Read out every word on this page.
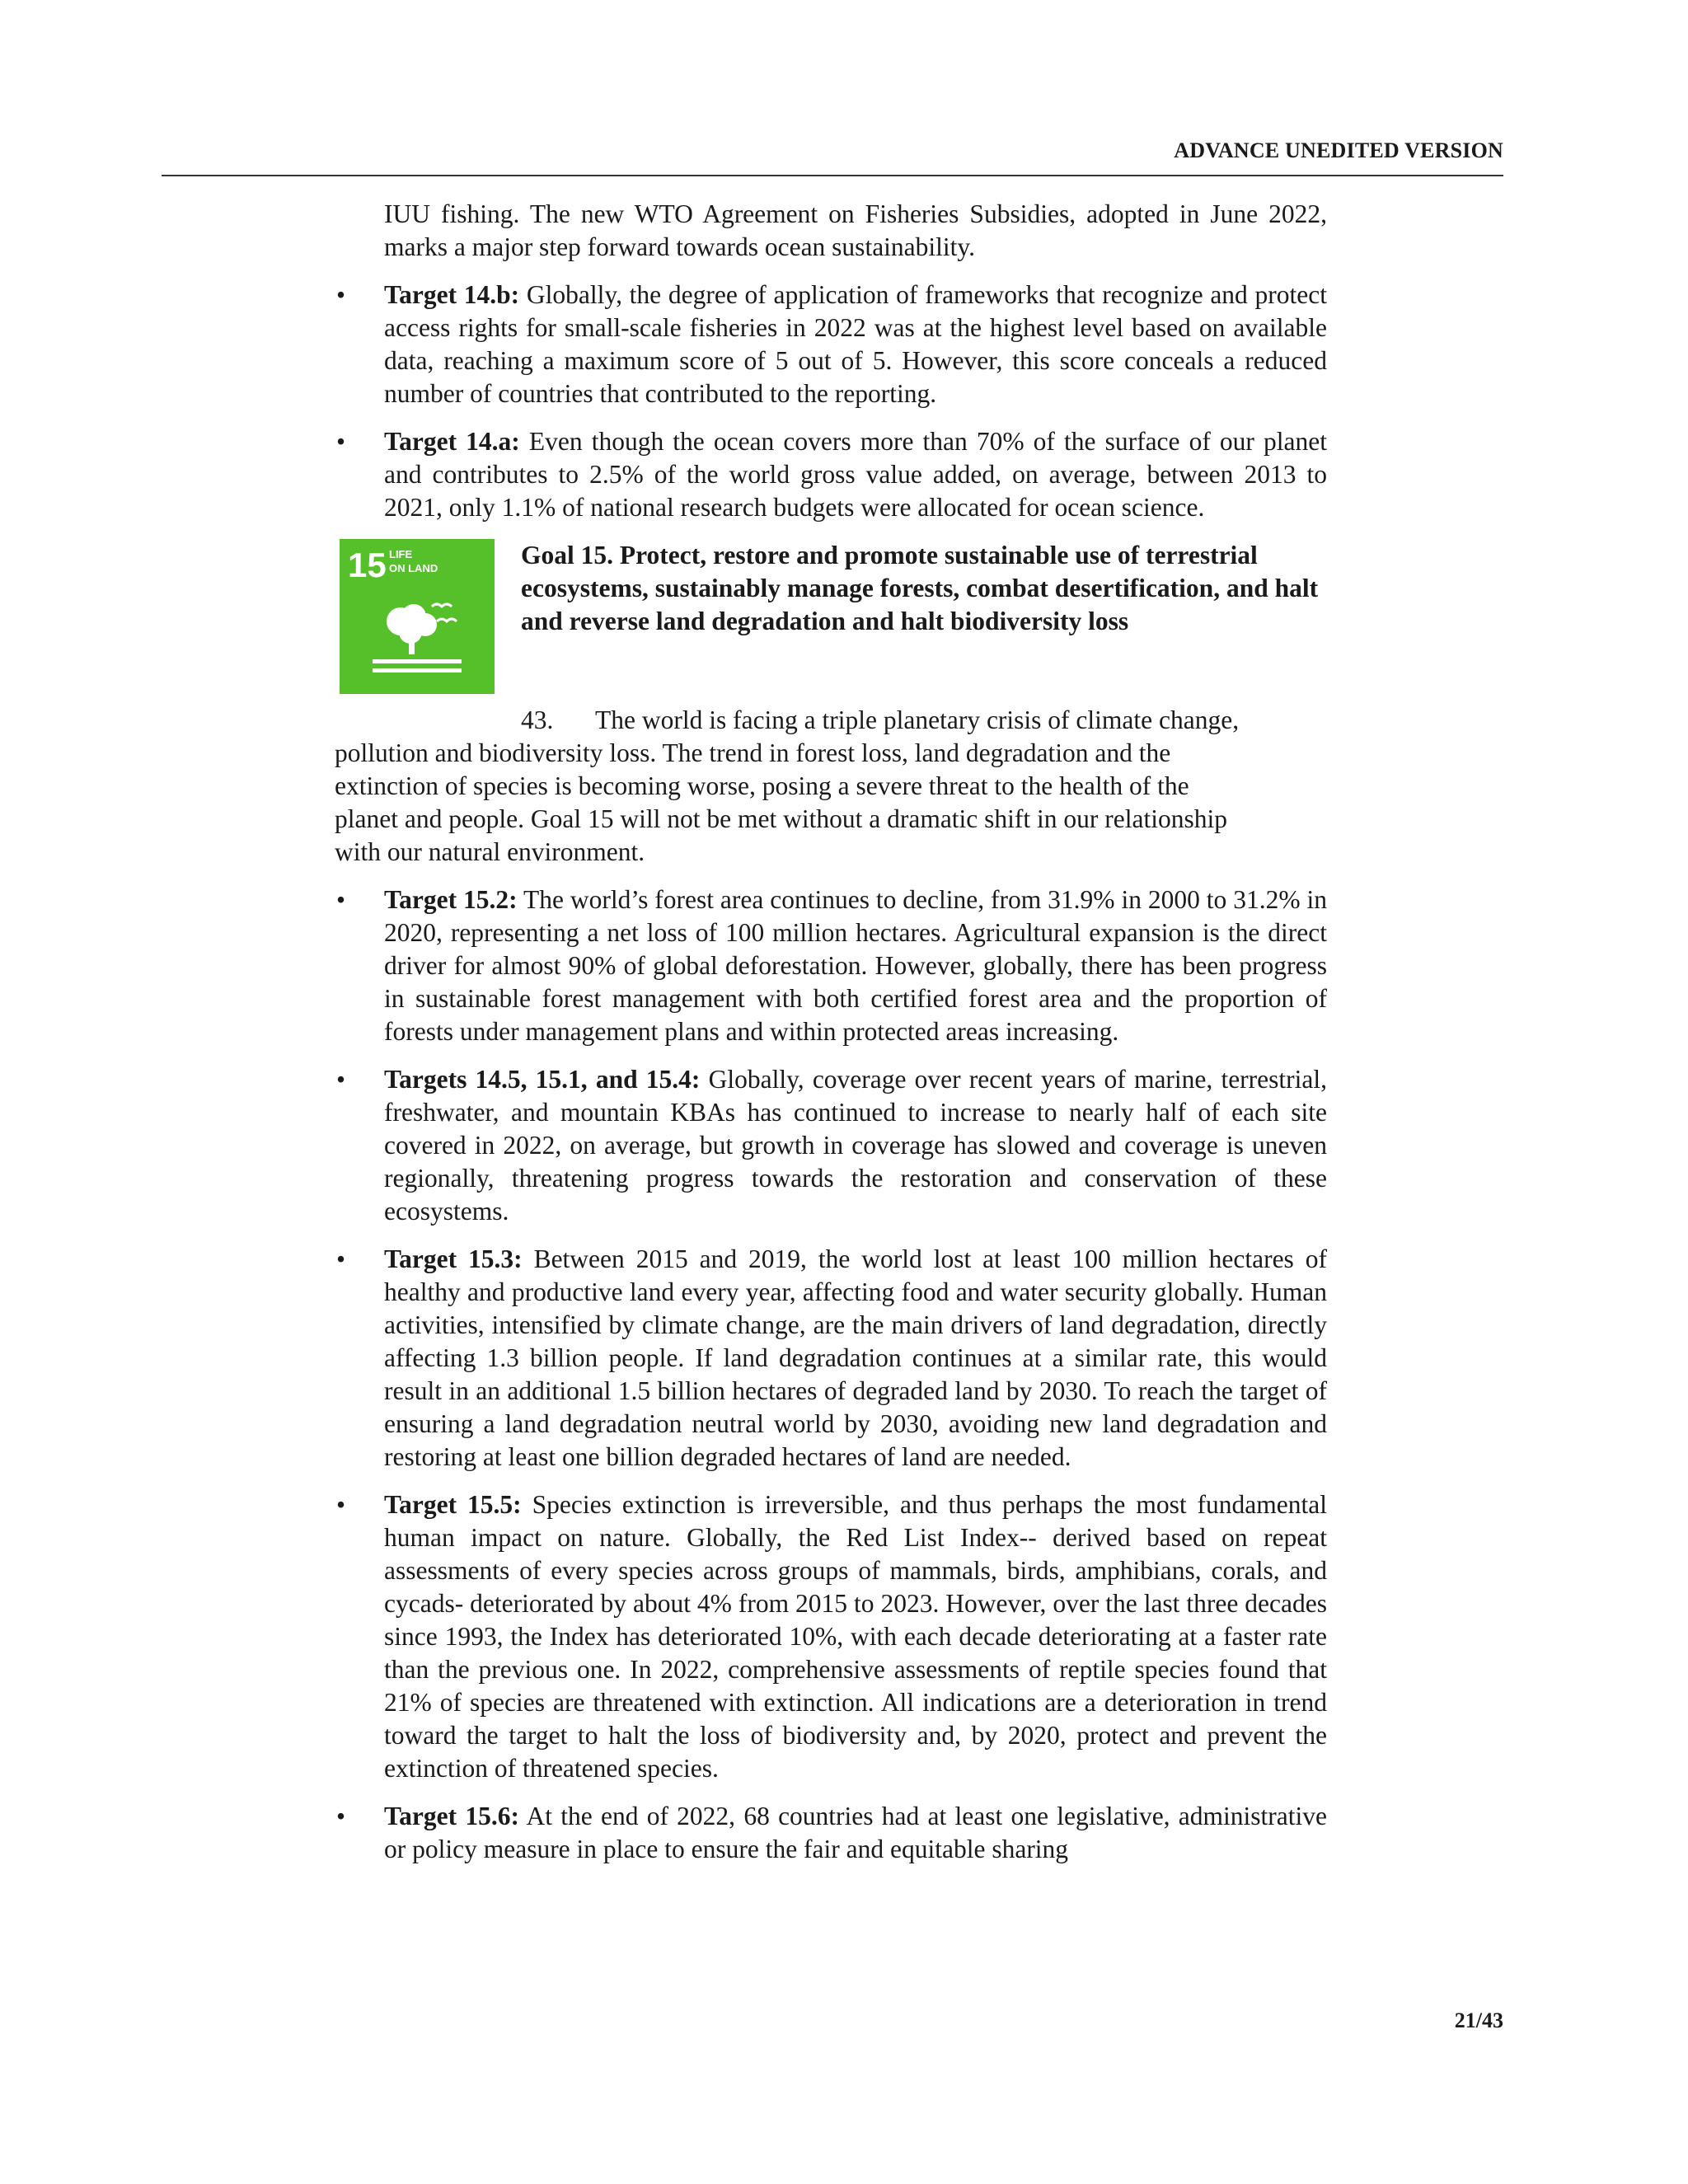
ADVANCE UNEDITED VERSION

IUU fishing. The new WTO Agreement on Fisheries Subsidies, adopted in June 2022, marks a major step forward towards ocean sustainability.

•	Target 14.b: Globally, the degree of application of frameworks that recognize and protect access rights for small-scale fisheries in 2022 was at the highest level based on available data, reaching a maximum score of 5 out of 5. However, this score conceals a reduced number of countries that contributed to the reporting.
•	Target 14.a: Even though the ocean covers more than 70% of the surface of our planet and contributes to 2.5% of the world gross value added, on average, between 2013 to 2021, only 1.1% of national research budgets were allocated for ocean science.
15 LIFE
ON LAND	Goal 15. Protect, restore and promote sustainable use of terrestrial ecosystems, sustainably manage forests, combat desertification, and halt and reverse land degradation and halt biodiversity loss

43. The world is facing a triple planetary crisis of climate change,

pollution and biodiversity loss. The trend in forest loss, land degradation and the extinction of species is becoming worse, posing a severe threat to the health of the planet and people. Goal 15 will not be met without a dramatic shift in our relationship with our natural environment.

•	Target 15.2: The world’s forest area continues to decline, from 31.9% in 2000 to 31.2% in 2020, representing a net loss of 100 million hectares. Agricultural expansion is the direct driver for almost 90% of global deforestation. However, globally, there has been progress in sustainable forest management with both certified forest area and the proportion of forests under management plans and within protected areas increasing.
•	Targets 14.5, 15.1, and 15.4: Globally, coverage over recent years of marine, terrestrial, freshwater, and mountain KBAs has continued to increase to nearly half of each site covered in 2022, on average, but growth in coverage has slowed and coverage is uneven regionally, threatening progress towards the restoration and conservation of these ecosystems.
•	Target 15.3: Between 2015 and 2019, the world lost at least 100 million hectares of healthy and productive land every year, affecting food and water security globally. Human activities, intensified by climate change, are the main drivers of land degradation, directly affecting 1.3 billion people. If land degradation continues at a similar rate, this would result in an additional 1.5 billion hectares of degraded land by 2030. To reach the target of ensuring a land degradation neutral world by 2030, avoiding new land degradation and restoring at least one billion degraded hectares of land are needed.
•	Target 15.5: Species extinction is irreversible, and thus perhaps the most fundamental human impact on nature. Globally, the Red List Index-- derived based on repeat assessments of every species across groups of mammals, birds, amphibians, corals, and cycads- deteriorated by about 4% from 2015 to 2023. However, over the last three decades since 1993, the Index has deteriorated 10%, with each decade deteriorating at a faster rate than the previous one. In 2022, comprehensive assessments of reptile species found that 21% of species are threatened with extinction. All indications are a deterioration in trend toward the target to halt the loss of biodiversity and, by 2020, protect and prevent the extinction of threatened species.
•	Target 15.6: At the end of 2022, 68 countries had at least one legislative, administrative or policy measure in place to ensure the fair and equitable sharing
21/43
